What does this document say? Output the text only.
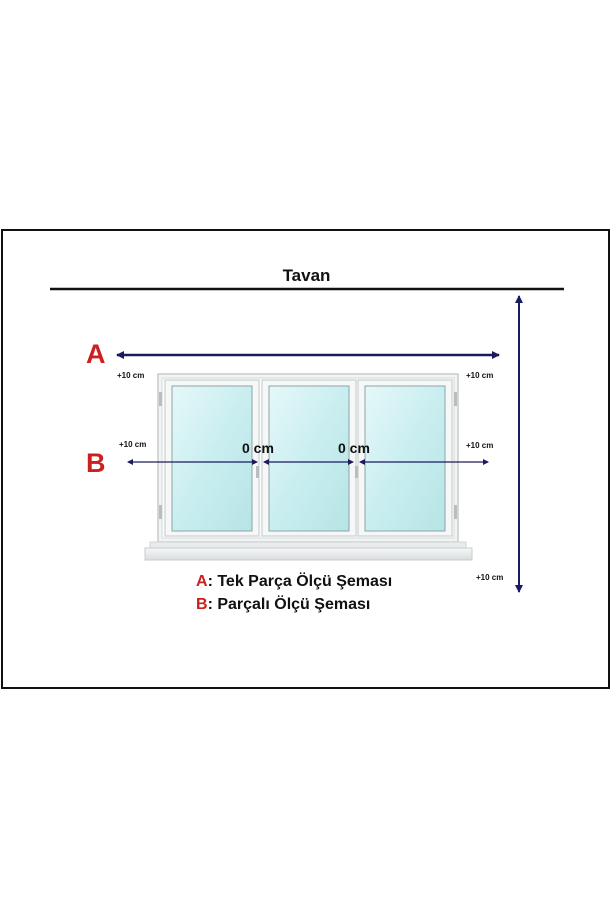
Tavan
A
B
+10 cm	+10 cm
+10 cm	+10 cm
+10 cm
0 cm	0 cm
A: Tek Parça Ölçü Şeması
B: Parçalı Ölçü Şeması
